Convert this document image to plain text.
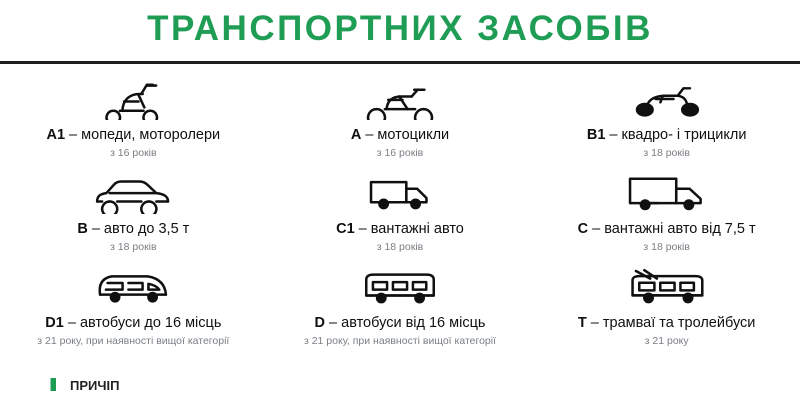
ТРАНСПОРТНИХ ЗАСОБІВ
A1 – мопеди, моторолери
з 16 років
A – мотоцикли
з 16 років
B1 – квадро- і трицикли
з 18 років
B – авто до 3,5 т
з 18 років
C1 – вантажні авто
з 18 років
C – вантажні авто від 7,5 т
з 18 років
D1 – автобуси до 16 місць
з 21 року, при наявності вищої категорії
D – автобуси від 16 місць
з 21 року, при наявності вищої категорії
T – трамваї та тролейбуси
з 21 року
ПРИЧІП
